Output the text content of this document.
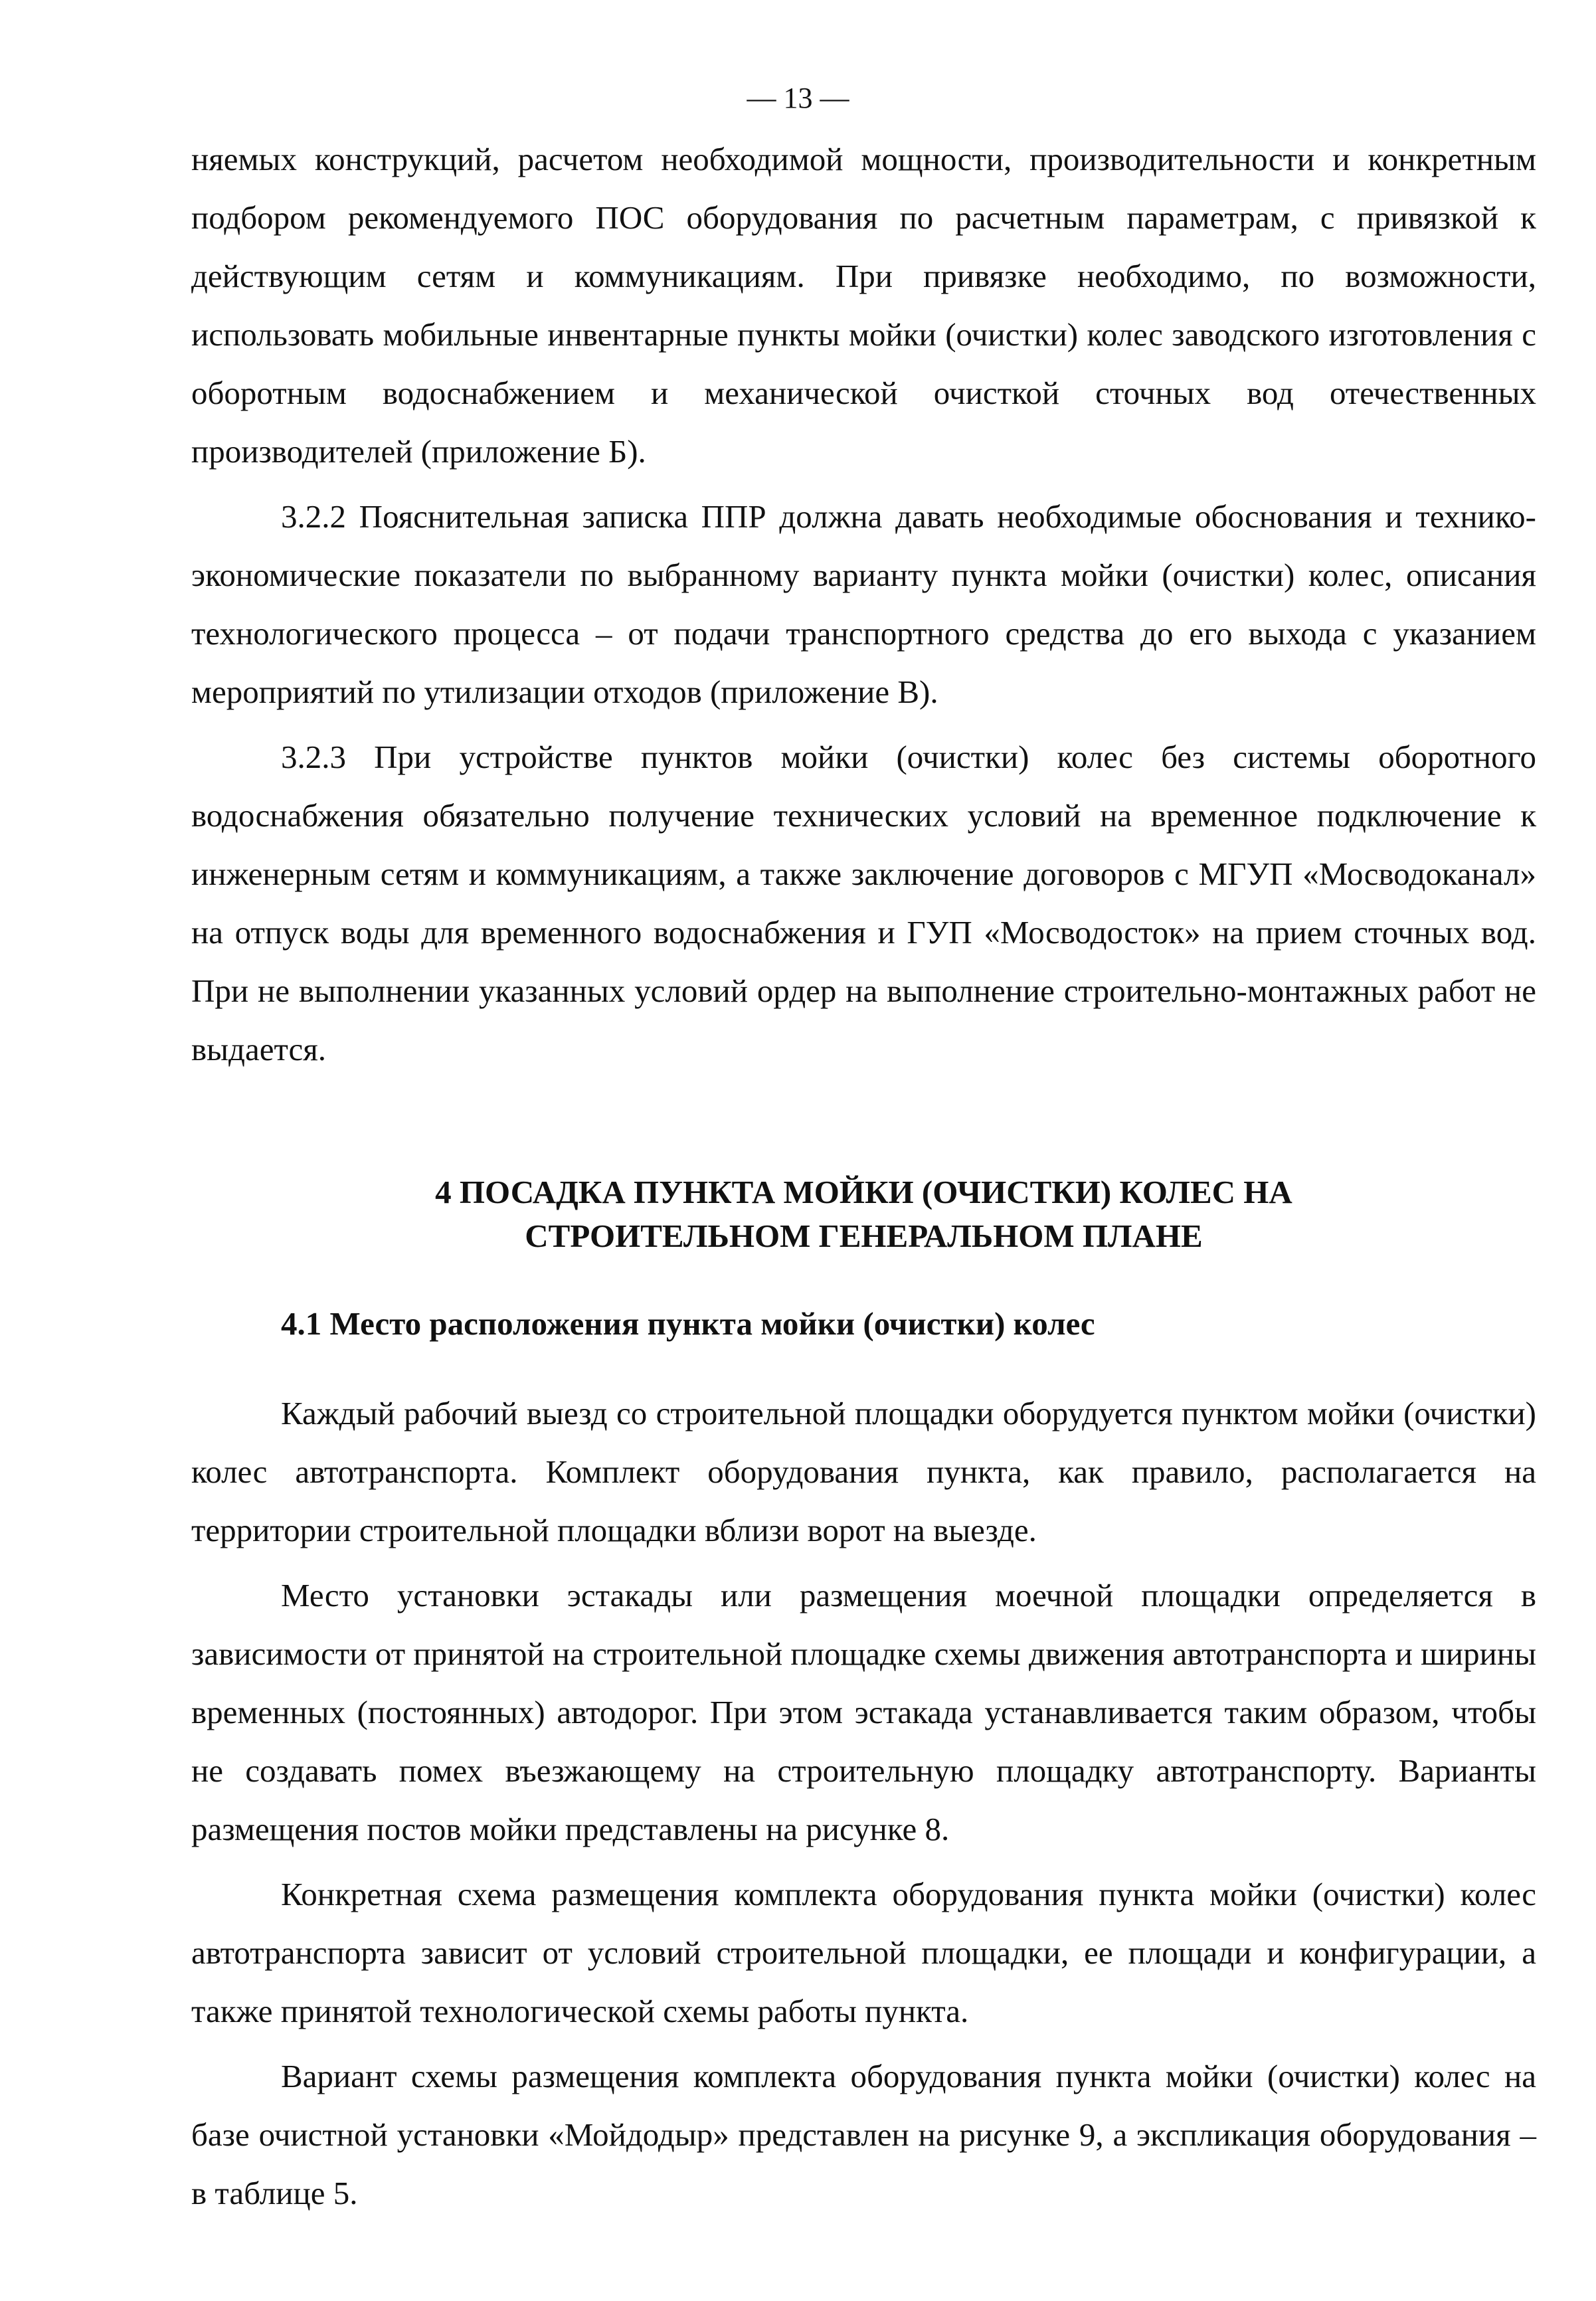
— 13 —

няемых конструкций, расчетом необходимой мощности, производительности и конкретным подбором рекомендуемого ПОС оборудования по расчетным параметрам, с привязкой к действующим сетям и коммуникациям. При привязке необходимо, по возможности, использовать мобильные инвентарные пункты мойки (очистки) колес заводского изготовления с оборотным водоснабжением и механической очисткой сточных вод отечественных производителей (приложение Б).

3.2.2 Пояснительная записка ППР должна давать необходимые обоснования и технико-экономические показатели по выбранному варианту пункта мойки (очистки) колес, описания технологического процесса – от подачи транспортного средства до его выхода с указанием мероприятий по утилизации отходов (приложение В).

3.2.3 При устройстве пунктов мойки (очистки) колес без системы оборотного водоснабжения обязательно получение технических условий на временное подключение к инженерным сетям и коммуникациям, а также заключение договоров с МГУП «Мосводоканал» на отпуск воды для временного водоснабжения и ГУП «Мосводосток» на прием сточных вод. При не выполнении указанных условий ордер на выполнение строительно-монтажных работ не выдается.

4 ПОСАДКА ПУНКТА МОЙКИ (ОЧИСТКИ) КОЛЕС НА
СТРОИТЕЛЬНОМ ГЕНЕРАЛЬНОМ ПЛАНЕ
4.1 Место расположения пункта мойки (очистки) колес

Каждый рабочий выезд со строительной площадки оборудуется пунктом мойки (очистки) колес автотранспорта. Комплект оборудования пункта, как правило, располагается на территории строительной площадки вблизи ворот на выезде.

Место установки эстакады или размещения моечной площадки определяется в зависимости от принятой на строительной площадке схемы движения автотранспорта и ширины временных (постоянных) автодорог. При этом эстакада устанавливается таким образом, чтобы не создавать помех въезжающему на строительную площадку автотранспорту. Варианты размещения постов мойки представлены на рисунке 8.

Конкретная схема размещения комплекта оборудования пункта мойки (очистки) колес автотранспорта зависит от условий строительной площадки, ее площади и конфигурации, а также принятой технологической схемы работы пункта.

Вариант схемы размещения комплекта оборудования пункта мойки (очистки) колес на базе очистной установки «Мойдодыр» представлен на рисунке 9, а экспликация оборудования – в таблице 5.
